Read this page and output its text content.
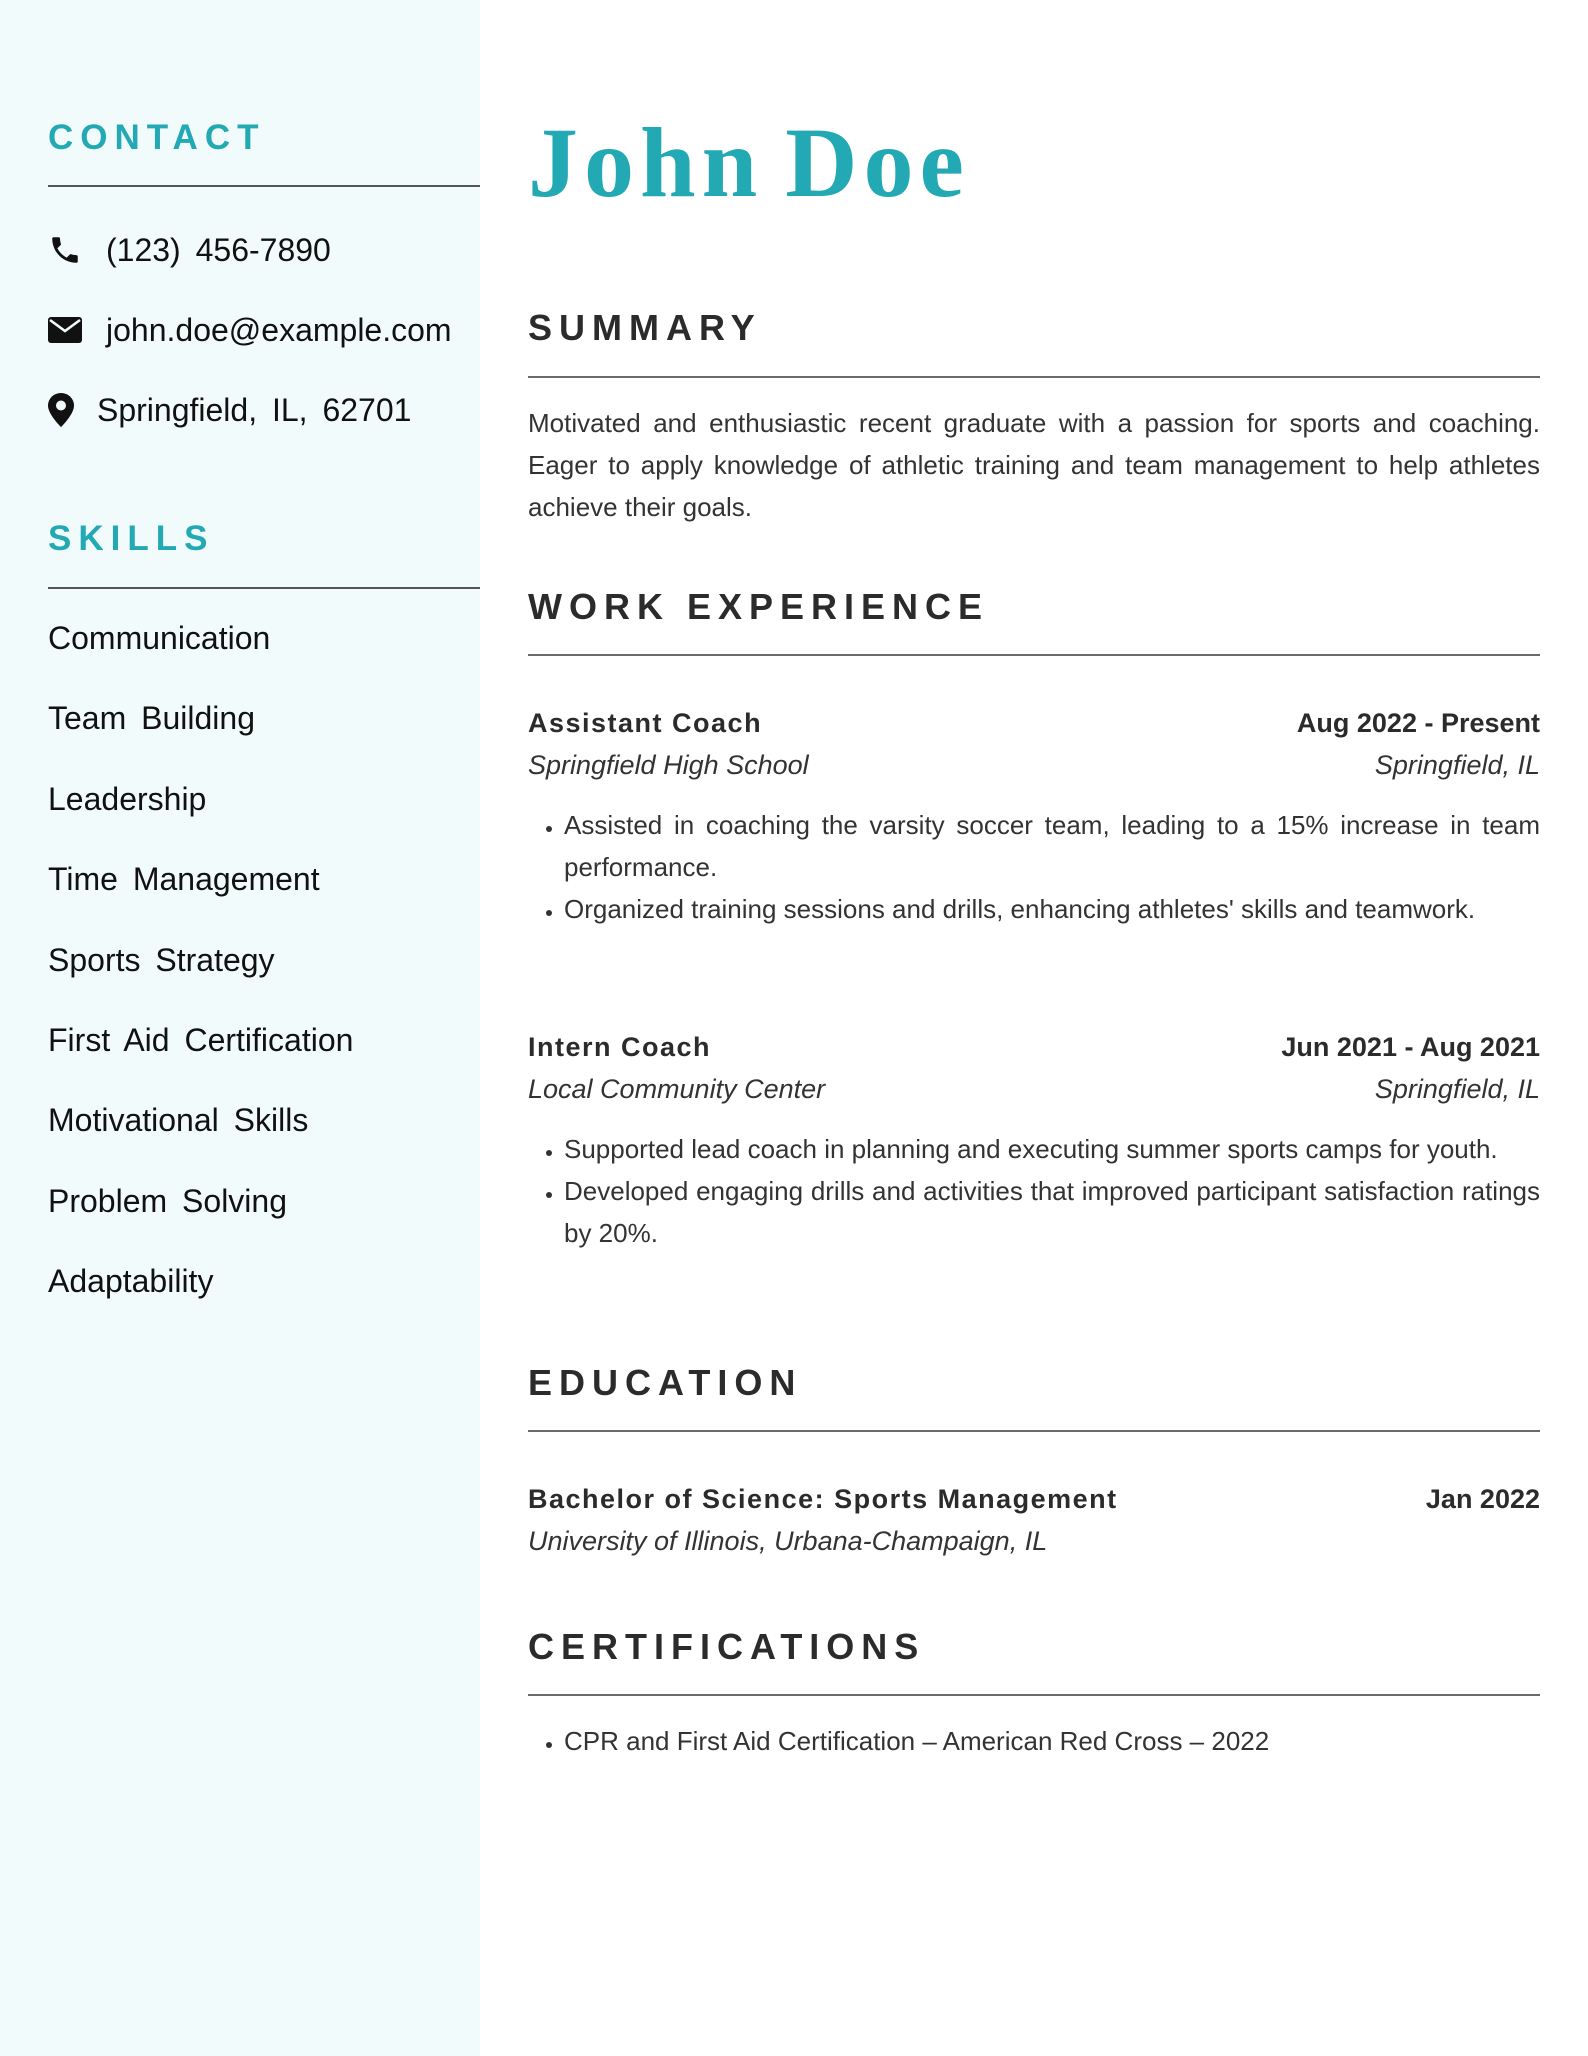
CONTACT
(123) 456-7890
john.doe@example.com
Springfield, IL, 62701
SKILLS
Communication
Team Building
Leadership
Time Management
Sports Strategy
First Aid Certification
Motivational Skills
Problem Solving
Adaptability
John Doe
SUMMARY

Motivated and enthusiastic recent graduate with a passion for sports and coaching. Eager to apply knowledge of athletic training and team management to help athletes achieve their goals.

WORK EXPERIENCE
Assistant Coach	Aug 2022 - Present
Springfield High School	Springfield, IL
• Assisted in coaching the varsity soccer team, leading to a 15% increase in team performance.
• Organized training sessions and drills, enhancing athletes' skills and teamwork.
Intern Coach	Jun 2021 - Aug 2021
Local Community Center	Springfield, IL
• Supported lead coach in planning and executing summer sports camps for youth.
• Developed engaging drills and activities that improved participant satisfaction ratings by 20%.
EDUCATION
Bachelor of Science: Sports Management	Jan 2022
University of Illinois, Urbana-Champaign, IL
CERTIFICATIONS
• CPR and First Aid Certification – American Red Cross – 2022
